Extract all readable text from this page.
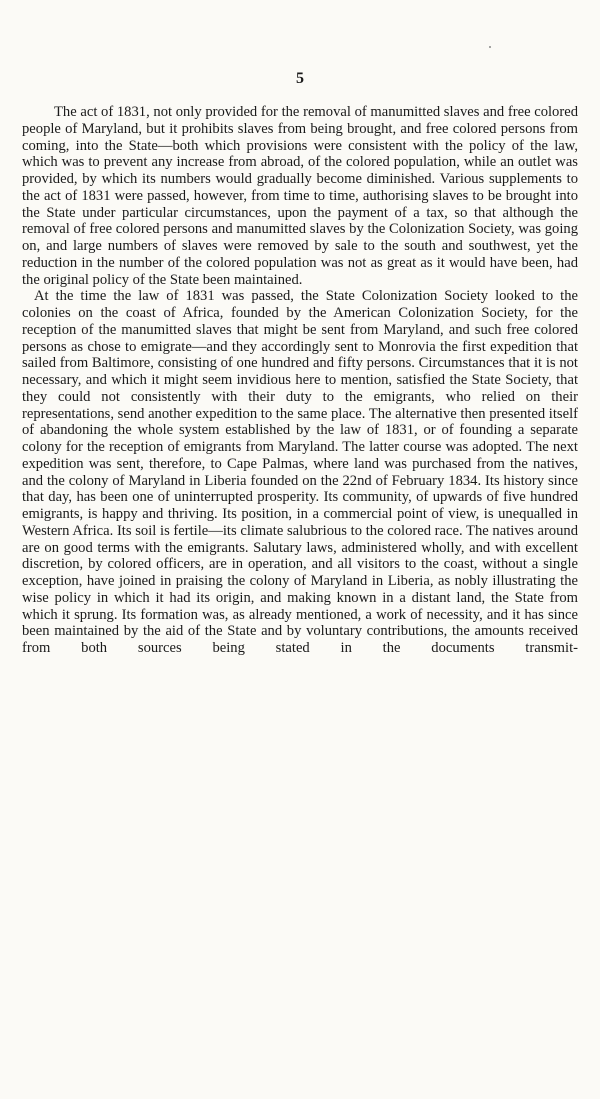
5

The act of 1831, not only provided for the removal of manumitted slaves and free colored people of Maryland, but it prohibits slaves from being brought, and free colored persons from coming, into the State—both which provisions were consistent with the policy of the law, which was to prevent any increase from abroad, of the colored population, while an outlet was provided, by which its numbers would gradually become diminished. Various supplements to the act of 1831 were passed, however, from time to time, authorising slaves to be brought into the State under particular circumstances, upon the payment of a tax, so that although the removal of free colored persons and manumitted slaves by the Colonization Society, was going on, and large numbers of slaves were removed by sale to the south and southwest, yet the reduction in the number of the colored population was not as great as it would have been, had the original policy of the State been maintained.

At the time the law of 1831 was passed, the State Colonization Society looked to the colonies on the coast of Africa, founded by the American Colonization Society, for the reception of the manumitted slaves that might be sent from Maryland, and such free colored persons as chose to emigrate—and they accordingly sent to Monrovia the first expedition that sailed from Baltimore, consisting of one hundred and fifty persons. Circumstances that it is not necessary, and which it might seem invidious here to mention, satisfied the State Society, that they could not consistently with their duty to the emigrants, who relied on their representations, send another expedition to the same place. The alternative then presented itself of abandoning the whole system established by the law of 1831, or of founding a separate colony for the reception of emigrants from Maryland. The latter course was adopted. The next expedition was sent, therefore, to Cape Palmas, where land was purchased from the natives, and the colony of Maryland in Liberia founded on the 22nd of February 1834. Its history since that day, has been one of uninterrupted prosperity. Its community, of upwards of five hundred emigrants, is happy and thriving. Its position, in a commercial point of view, is unequalled in Western Africa. Its soil is fertile—its climate salubrious to the colored race. The natives around are on good terms with the emigrants. Salutary laws, administered wholly, and with excellent discretion, by colored officers, are in operation, and all visitors to the coast, without a single exception, have joined in praising the colony of Maryland in Liberia, as nobly illustrating the wise policy in which it had its origin, and making known in a distant land, the State from which it sprung. Its formation was, as already mentioned, a work of necessity, and it has since been maintained by the aid of the State and by voluntary contributions, the amounts received from both sources being stated in the documents transmit-
